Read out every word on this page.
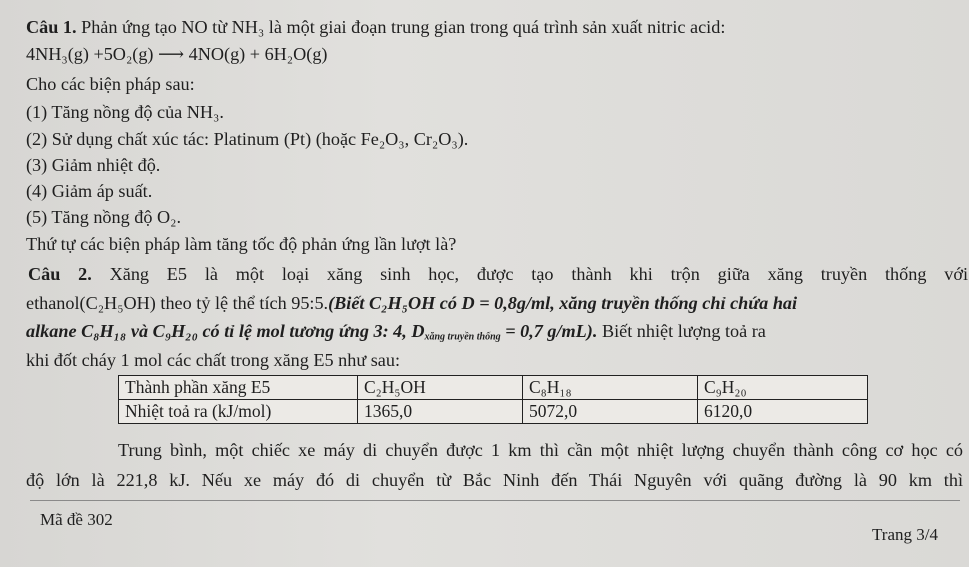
Câu 1. Phản ứng tạo NO từ NH₃ là một giai đoạn trung gian trong quá trình sản xuất nitric acid:
4NH₃(g) +5O₂(g) ⟶ 4NO(g) + 6H₂O(g)
Cho các biện pháp sau:
(1) Tăng nồng độ của NH₃.
(2) Sử dụng chất xúc tác: Platinum (Pt) (hoặc Fe₂O₃, Cr₂O₃).
(3) Giảm nhiệt độ.
(4) Giảm áp suất.
(5) Tăng nồng độ O₂.
Thứ tự các biện pháp làm tăng tốc độ phản ứng lần lượt là?
Câu 2. Xăng E5 là một loại xăng sinh học, được tạo thành khi trộn giữa xăng truyền thống với
ethanol(C₂H₅OH) theo tỷ lệ thể tích 95:5.(Biết C₂H₅OH có D = 0,8g/ml, xăng truyền thống chỉ chứa hai
alkane C₈H₁₈ và C₉H₂₀ có tỉ lệ mol tương ứng 3: 4, Dxăng truyền thống = 0,7 g/mL). Biết nhiệt lượng toả ra
khi đốt cháy 1 mol các chất trong xăng E5 như sau:
Thành phần xăng E5	C₂H₅OH	C₈H₁₈	C₉H₂₀
Nhiệt toả ra (kJ/mol)	1365,0	5072,0	6120,0
Trung bình, một chiếc xe máy di chuyển được 1 km thì cần một nhiệt lượng chuyển thành công cơ học có
độ lớn là 221,8 kJ. Nếu xe máy đó di chuyển từ Bắc Ninh đến Thái Nguyên với quãng đường là 90 km thì
Mã đề 302
Trang 3/4
